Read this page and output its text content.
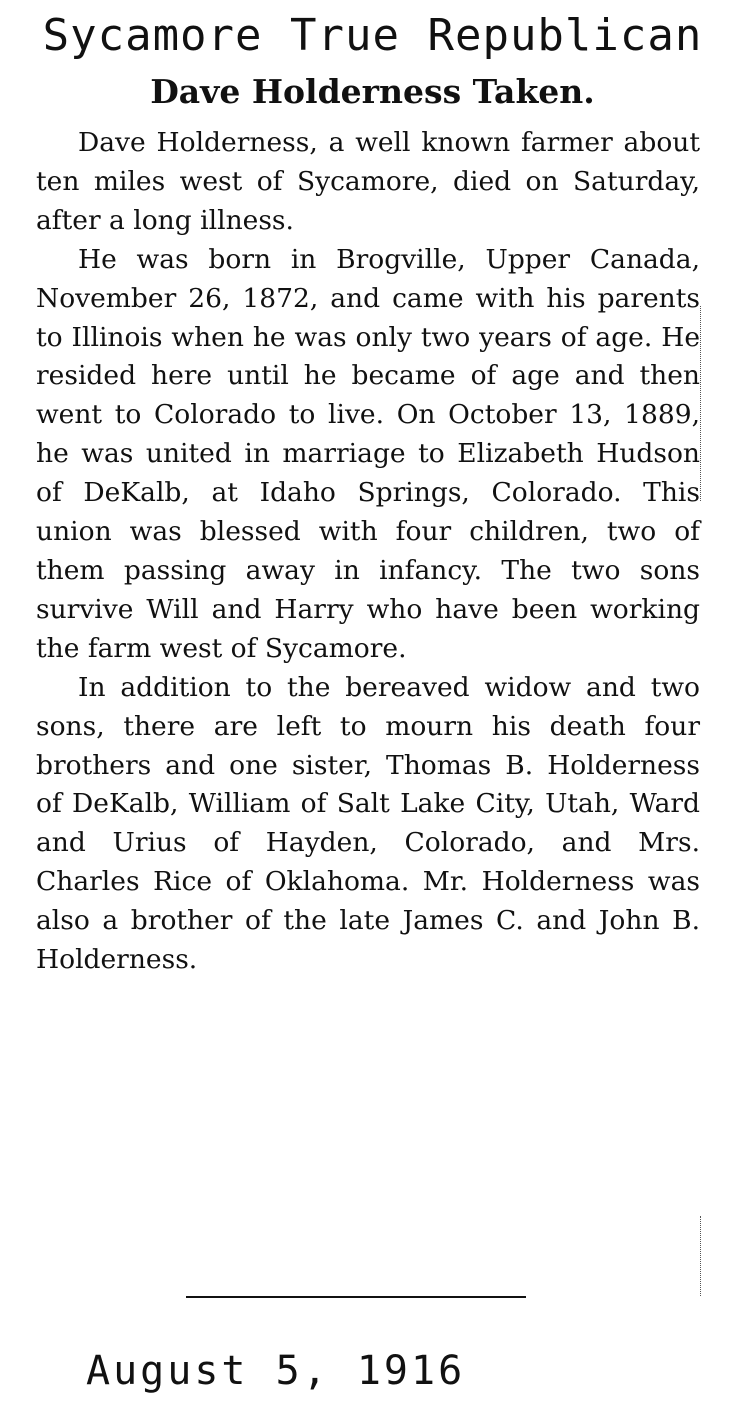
Sycamore True Republican
Dave Holderness Taken.

Dave Holderness, a well known farmer about ten miles west of Sycamore, died on Saturday, after a long illness.

He was born in Brogville, Upper Canada, November 26, 1872, and came with his parents to Illinois when he was only two years of age. He resided here until he became of age and then went to Colorado to live. On October 13, 1889, he was united in marriage to Elizabeth Hudson of DeKalb, at Idaho Springs, Colorado. This union was blessed with four children, two of them passing away in infancy. The two sons survive Will and Harry who have been working the farm west of Sycamore.

In addition to the bereaved widow and two sons, there are left to mourn his death four brothers and one sister, Thomas B. Holderness of DeKalb, William of Salt Lake City, Utah, Ward and Urius of Hayden, Colorado, and Mrs. Charles Rice of Oklahoma. Mr. Holderness was also a brother of the late James C. and John B. Holderness.

August 5, 1916
